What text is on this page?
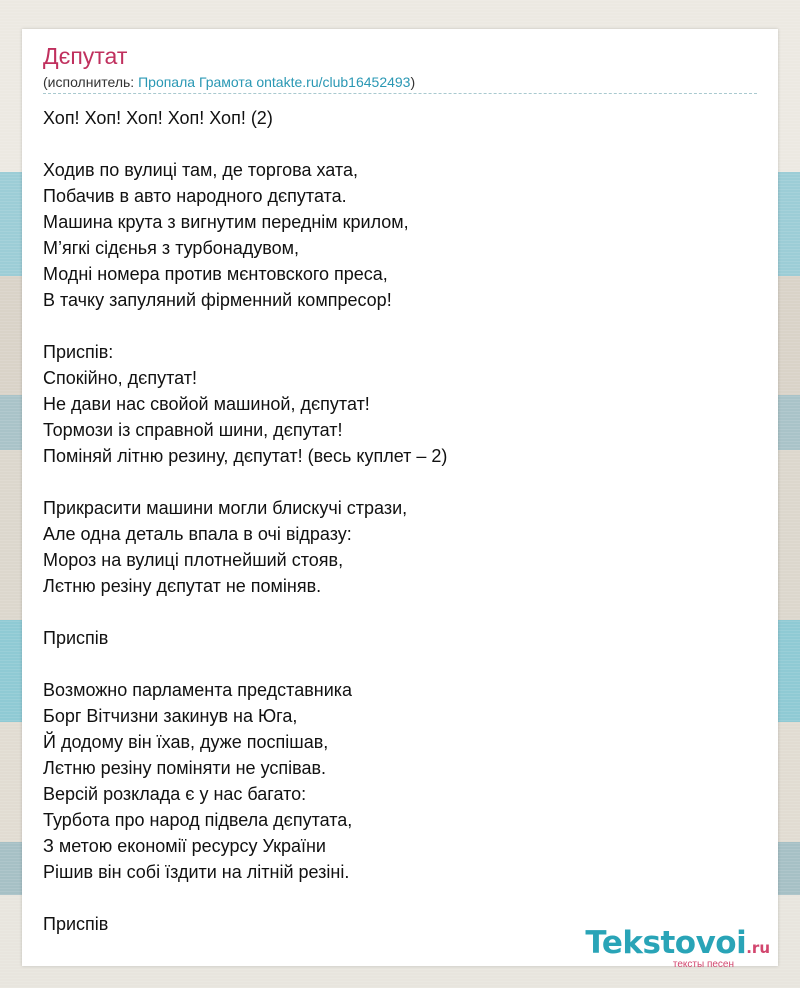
Дєпутат
(исполнитель: Пропала Грамота ontakte.ru/club16452493)
Хоп! Хоп! Хоп! Хоп! Хоп! (2)
Ходив по вулиці там, де торгова хата,
Побачив в авто народного дєпутата.
Машина крута з вигнутим переднім крилом,
М’ягкі сідєнья з турбонадувом,
Модні номера против мєнтовского преса,
В тачку запуляний фірменний компресор!
Приспів:
Спокійно, дєпутат!
Не дави нас свойой машиной, дєпутат!
Тормози із справной шини, дєпутат!
Поміняй літню резину, дєпутат! (весь куплет – 2)
Прикрасити машини могли блискучі стрази,
Але одна деталь впала в очі відразу:
Мороз на вулиці плотнейший стояв,
Лєтню резіну дєпутат не поміняв.
Приспів
Возможно парламента представника
Борг Вітчизни закинув на Юга,
Й додому він їхав, дуже поспішав,
Лєтню резіну поміняти не успівав.
Версій розклада є у нас багато:
Турбота про народ підвела дєпутата,
З метою економії ресурсу України
Рішив він собі їздити на літній резіні.
Приспів
Tekstovoi.ru
тексты песен
